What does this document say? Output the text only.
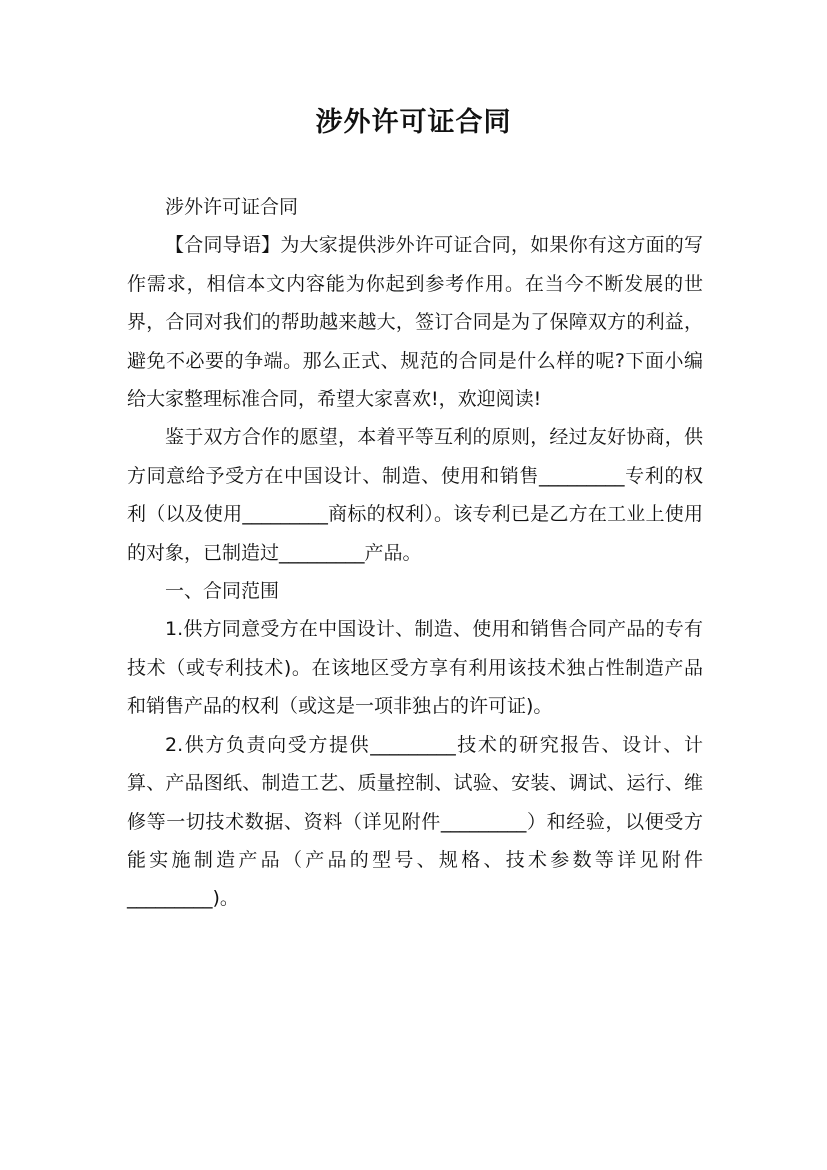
涉外许可证合同

涉外许可证合同

【合同导语】为大家提供涉外许可证合同，如果你有这方面的写作需求，相信本文内容能为你起到参考作用。在当今不断发展的世界，合同对我们的帮助越来越大，签订合同是为了保障双方的利益，避免不必要的争端。那么正式、规范的合同是什么样的呢?下面小编给大家整理标准合同，希望大家喜欢!，欢迎阅读!

鉴于双方合作的愿望，本着平等互利的原则，经过友好协商，供方同意给予受方在中国设计、制造、使用和销售_________专利的权利（以及使用_________商标的权利）。该专利已是乙方在工业上使用的对象，已制造过_________产品。

一、合同范围

1.供方同意受方在中国设计、制造、使用和销售合同产品的专有技术（或专利技术)。在该地区受方享有利用该技术独占性制造产品和销售产品的权利（或这是一项非独占的许可证)。

2.供方负责向受方提供_________技术的研究报告、设计、计算、产品图纸、制造工艺、质量控制、试验、安装、调试、运行、维修等一切技术数据、资料（详见附件_________）和经验，以便受方能实施制造产品（产品的型号、规格、技术参数等详见附件_________)。
